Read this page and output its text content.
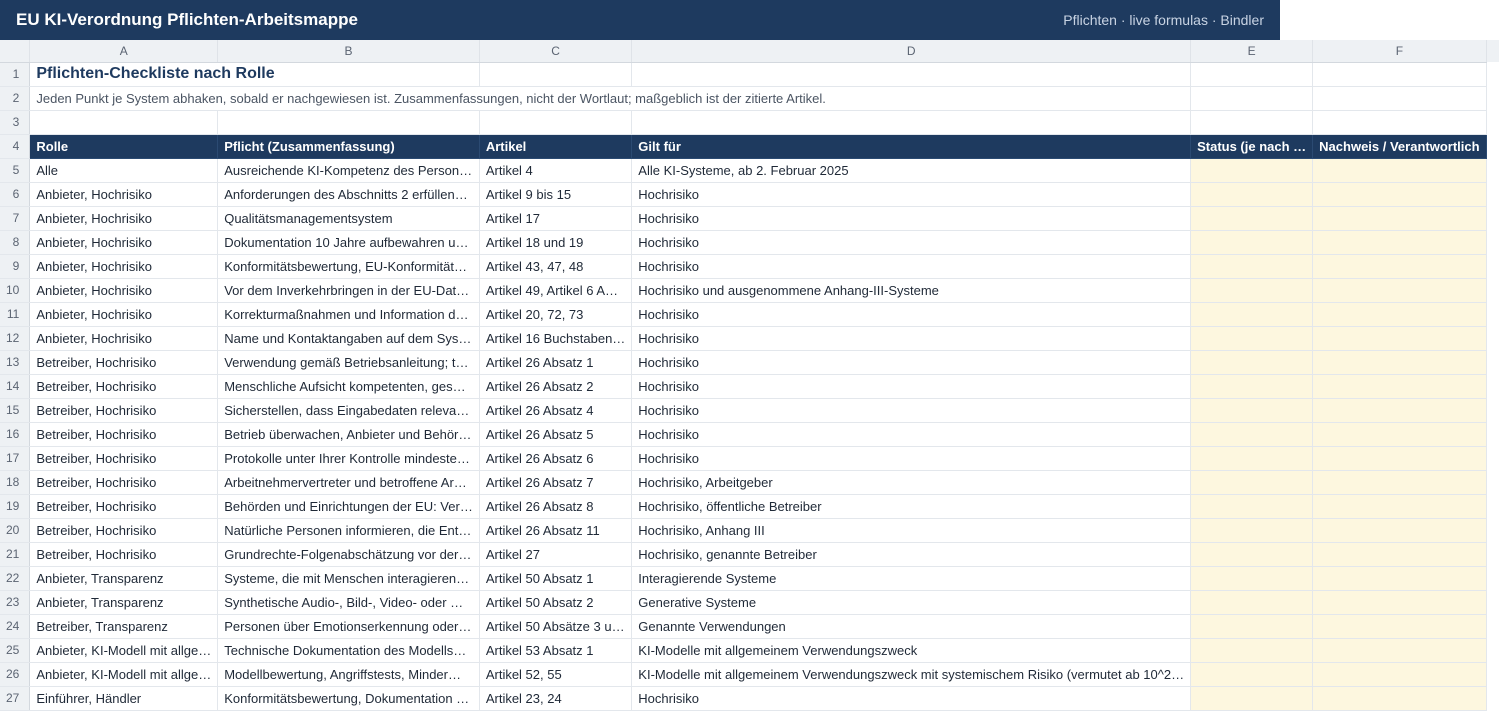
EU KI-Verordnung Pflichten-Arbeitsmappe	Pflichten · live formulas · Bindler
	A	B	C	D	E	F	
1	Pflichten-Checkliste nach Rolle						
2	Jeden Punkt je System abhaken, sobald er nachgewiesen ist. Zusammenfassungen, nicht der Wortlaut; maßgeblich ist der zitierte Artikel.						
3							
4	Rolle	Pflicht (Zusammenfassung)	Artikel	Gilt für	Status (je nach …	Nachweis / Verantwortlich	
5	Alle	Ausreichende KI-Kompetenz des Person…	Artikel 4	Alle KI-Systeme, ab 2. Februar 2025			
6	Anbieter, Hochrisiko	Anforderungen des Abschnitts 2 erfüllen…	Artikel 9 bis 15	Hochrisiko			
7	Anbieter, Hochrisiko	Qualitätsmanagementsystem	Artikel 17	Hochrisiko			
8	Anbieter, Hochrisiko	Dokumentation 10 Jahre aufbewahren u…	Artikel 18 und 19	Hochrisiko			
9	Anbieter, Hochrisiko	Konformitätsbewertung, EU-Konformität…	Artikel 43, 47, 48	Hochrisiko			
10	Anbieter, Hochrisiko	Vor dem Inverkehrbringen in der EU-Dat…	Artikel 49, Artikel 6 A…	Hochrisiko und ausgenommene Anhang-III-Systeme			
11	Anbieter, Hochrisiko	Korrekturmaßnahmen und Information d…	Artikel 20, 72, 73	Hochrisiko			
12	Anbieter, Hochrisiko	Name und Kontaktangaben auf dem Sys…	Artikel 16 Buchstaben…	Hochrisiko			
13	Betreiber, Hochrisiko	Verwendung gemäß Betriebsanleitung; t…	Artikel 26 Absatz 1	Hochrisiko			
14	Betreiber, Hochrisiko	Menschliche Aufsicht kompetenten, ges…	Artikel 26 Absatz 2	Hochrisiko			
15	Betreiber, Hochrisiko	Sicherstellen, dass Eingabedaten releva…	Artikel 26 Absatz 4	Hochrisiko			
16	Betreiber, Hochrisiko	Betrieb überwachen, Anbieter und Behör…	Artikel 26 Absatz 5	Hochrisiko			
17	Betreiber, Hochrisiko	Protokolle unter Ihrer Kontrolle mindeste…	Artikel 26 Absatz 6	Hochrisiko			
18	Betreiber, Hochrisiko	Arbeitnehmervertreter und betroffene Ar…	Artikel 26 Absatz 7	Hochrisiko, Arbeitgeber			
19	Betreiber, Hochrisiko	Behörden und Einrichtungen der EU: Ver…	Artikel 26 Absatz 8	Hochrisiko, öffentliche Betreiber			
20	Betreiber, Hochrisiko	Natürliche Personen informieren, die Ent…	Artikel 26 Absatz 11	Hochrisiko, Anhang III			
21	Betreiber, Hochrisiko	Grundrechte-Folgenabschätzung vor der…	Artikel 27	Hochrisiko, genannte Betreiber			
22	Anbieter, Transparenz	Systeme, die mit Menschen interagieren…	Artikel 50 Absatz 1	Interagierende Systeme			
23	Anbieter, Transparenz	Synthetische Audio-, Bild-, Video- oder …	Artikel 50 Absatz 2	Generative Systeme			
24	Betreiber, Transparenz	Personen über Emotionserkennung oder…	Artikel 50 Absätze 3 u…	Genannte Verwendungen			
25	Anbieter, KI-Modell mit allge…	Technische Dokumentation des Modells…	Artikel 53 Absatz 1	KI-Modelle mit allgemeinem Verwendungszweck			
26	Anbieter, KI-Modell mit allge…	Modellbewertung, Angriffstests, Minder…	Artikel 52, 55	KI-Modelle mit allgemeinem Verwendungszweck mit systemischem Risiko (vermutet ab 10^2…			
27	Einführer, Händler	Konformitätsbewertung, Dokumentation …	Artikel 23, 24	Hochrisiko			
